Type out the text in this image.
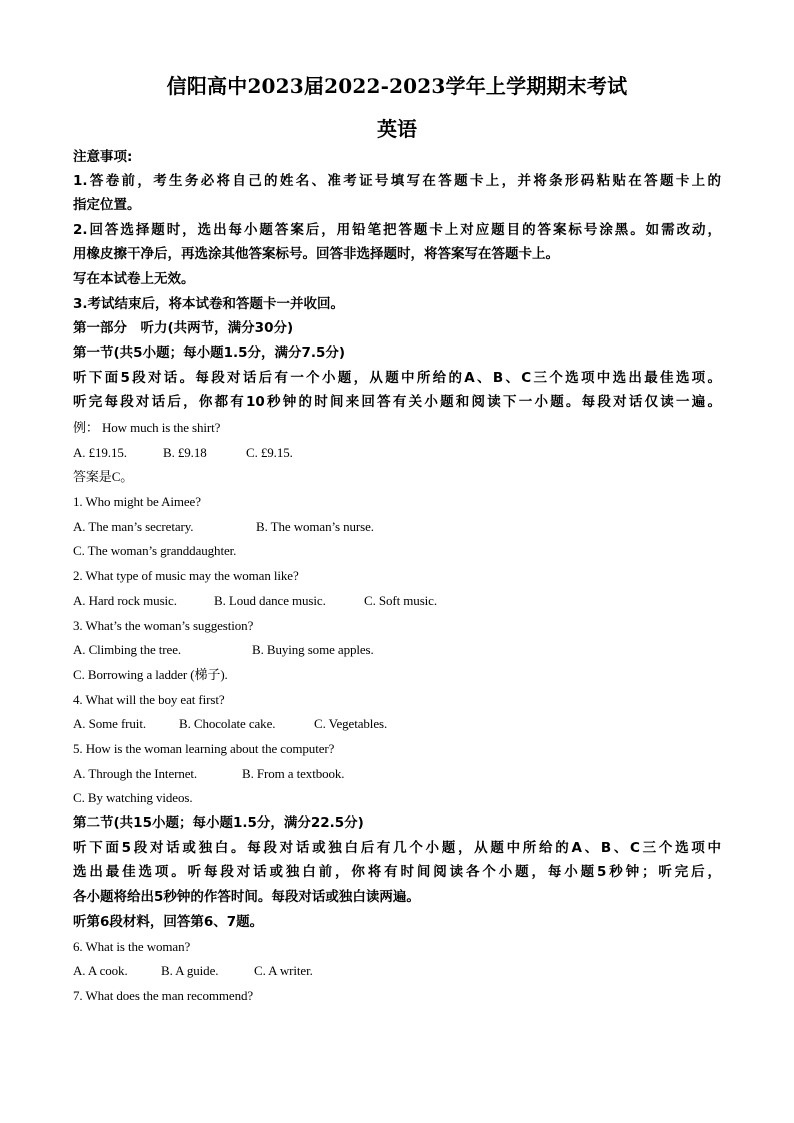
信阳高中2023届2022-2023学年上学期期末考试
英语
注意事项:
1.答卷前，考生务必将自己的姓名、准考证号填写在答题卡上，并将条形码粘贴在答题卡上的
指定位置。
2.回答选择题时，选出每小题答案后，用铅笔把答题卡上对应题目的答案标号涂黑。如需改动，
用橡皮擦干净后，再选涂其他答案标号。回答非选择题时，将答案写在答题卡上。
写在本试卷上无效。
3.考试结束后，将本试卷和答题卡一并收回。
第一部分　听力(共两节，满分30分)
第一节(共5小题；每小题1.5分，满分7.5分)
听下面5段对话。每段对话后有一个小题，从题中所给的A、B、C三个选项中选出最佳选项。
听完每段对话后，你都有10秒钟的时间来回答有关小题和阅读下一小题。每段对话仅读一遍。
例： How much is the shirt?
A. £19.15.	B. £9.18	C. £9.15.
答案是C。
1. Who might be Aimee?
A. The man’s secretary.	B. The woman’s nurse.
C. The woman’s granddaughter.
2. What type of music may the woman like?
A. Hard rock music.	B. Loud dance music.	C. Soft music.
3. What’s the woman’s suggestion?
A. Climbing the tree.	B. Buying some apples.
C. Borrowing a ladder (梯子).
4. What will the boy eat first?
A. Some fruit.	B. Chocolate cake.	C. Vegetables.
5. How is the woman learning about the computer?
A. Through the Internet.	B. From a textbook.
C. By watching videos.
第二节(共15小题；每小题1.5分，满分22.5分)
听下面5段对话或独白。每段对话或独白后有几个小题，从题中所给的A、B、C三个选项中
选出最佳选项。听每段对话或独白前，你将有时间阅读各个小题，每小题5秒钟；听完后，
各小题将给出5秒钟的作答时间。每段对话或独白读两遍。
听第6段材料，回答第6、7题。
6. What is the woman?
A. A cook.	B. A guide.	C. A writer.
7. What does the man recommend?
